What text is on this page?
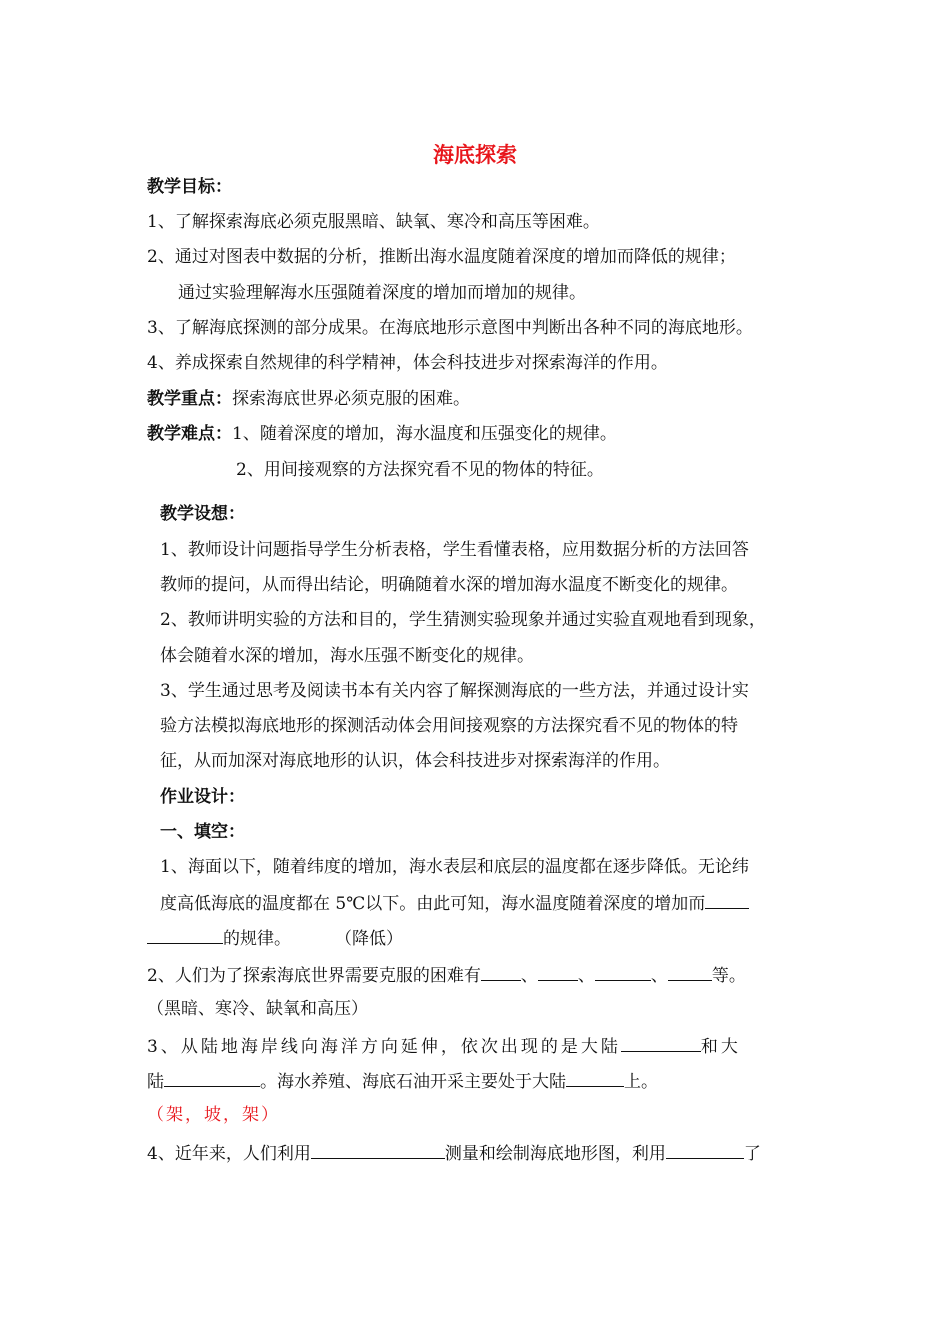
海底探索
教学目标：
1、了解探索海底必须克服黑暗、缺氧、寒冷和高压等困难。
2、通过对图表中数据的分析，推断出海水温度随着深度的增加而降低的规律；
通过实验理解海水压强随着深度的增加而增加的规律。
3、了解海底探测的部分成果。在海底地形示意图中判断出各种不同的海底地形。
4、养成探索自然规律的科学精神，体会科技进步对探索海洋的作用。
教学重点：探索海底世界必须克服的困难。
教学难点：1、随着深度的增加，海水温度和压强变化的规律。
2、用间接观察的方法探究看不见的物体的特征。
教学设想：
1、教师设计问题指导学生分析表格，学生看懂表格，应用数据分析的方法回答
教师的提问，从而得出结论，明确随着水深的增加海水温度不断变化的规律。
2、教师讲明实验的方法和目的，学生猜测实验现象并通过实验直观地看到现象，
体会随着水深的增加，海水压强不断变化的规律。
3、学生通过思考及阅读书本有关内容了解探测海底的一些方法，并通过设计实
验方法模拟海底地形的探测活动体会用间接观察的方法探究看不见的物体的特
征，从而加深对海底地形的认识，体会科技进步对探索海洋的作用。
作业设计：
一、填空：
1、海面以下，随着纬度的增加，海水表层和底层的温度都在逐步降低。无论纬
度高低海底的温度都在 5℃以下。由此可知，海水温度随着深度的增加而
的规律。	（降低）
2、人们为了探索海底世界需要克服的困难有 、 、	、	等。
（黑暗、寒冷、缺氧和高压）
3、从陆地海岸线向海洋方向延伸，依次出现的是大陆	和大
陆	。海水养殖、海底石油开采主要处于大陆	上。
（架，坡，架）
4、近年来，人们利用	测量和绘制海底地形图，利用	了
